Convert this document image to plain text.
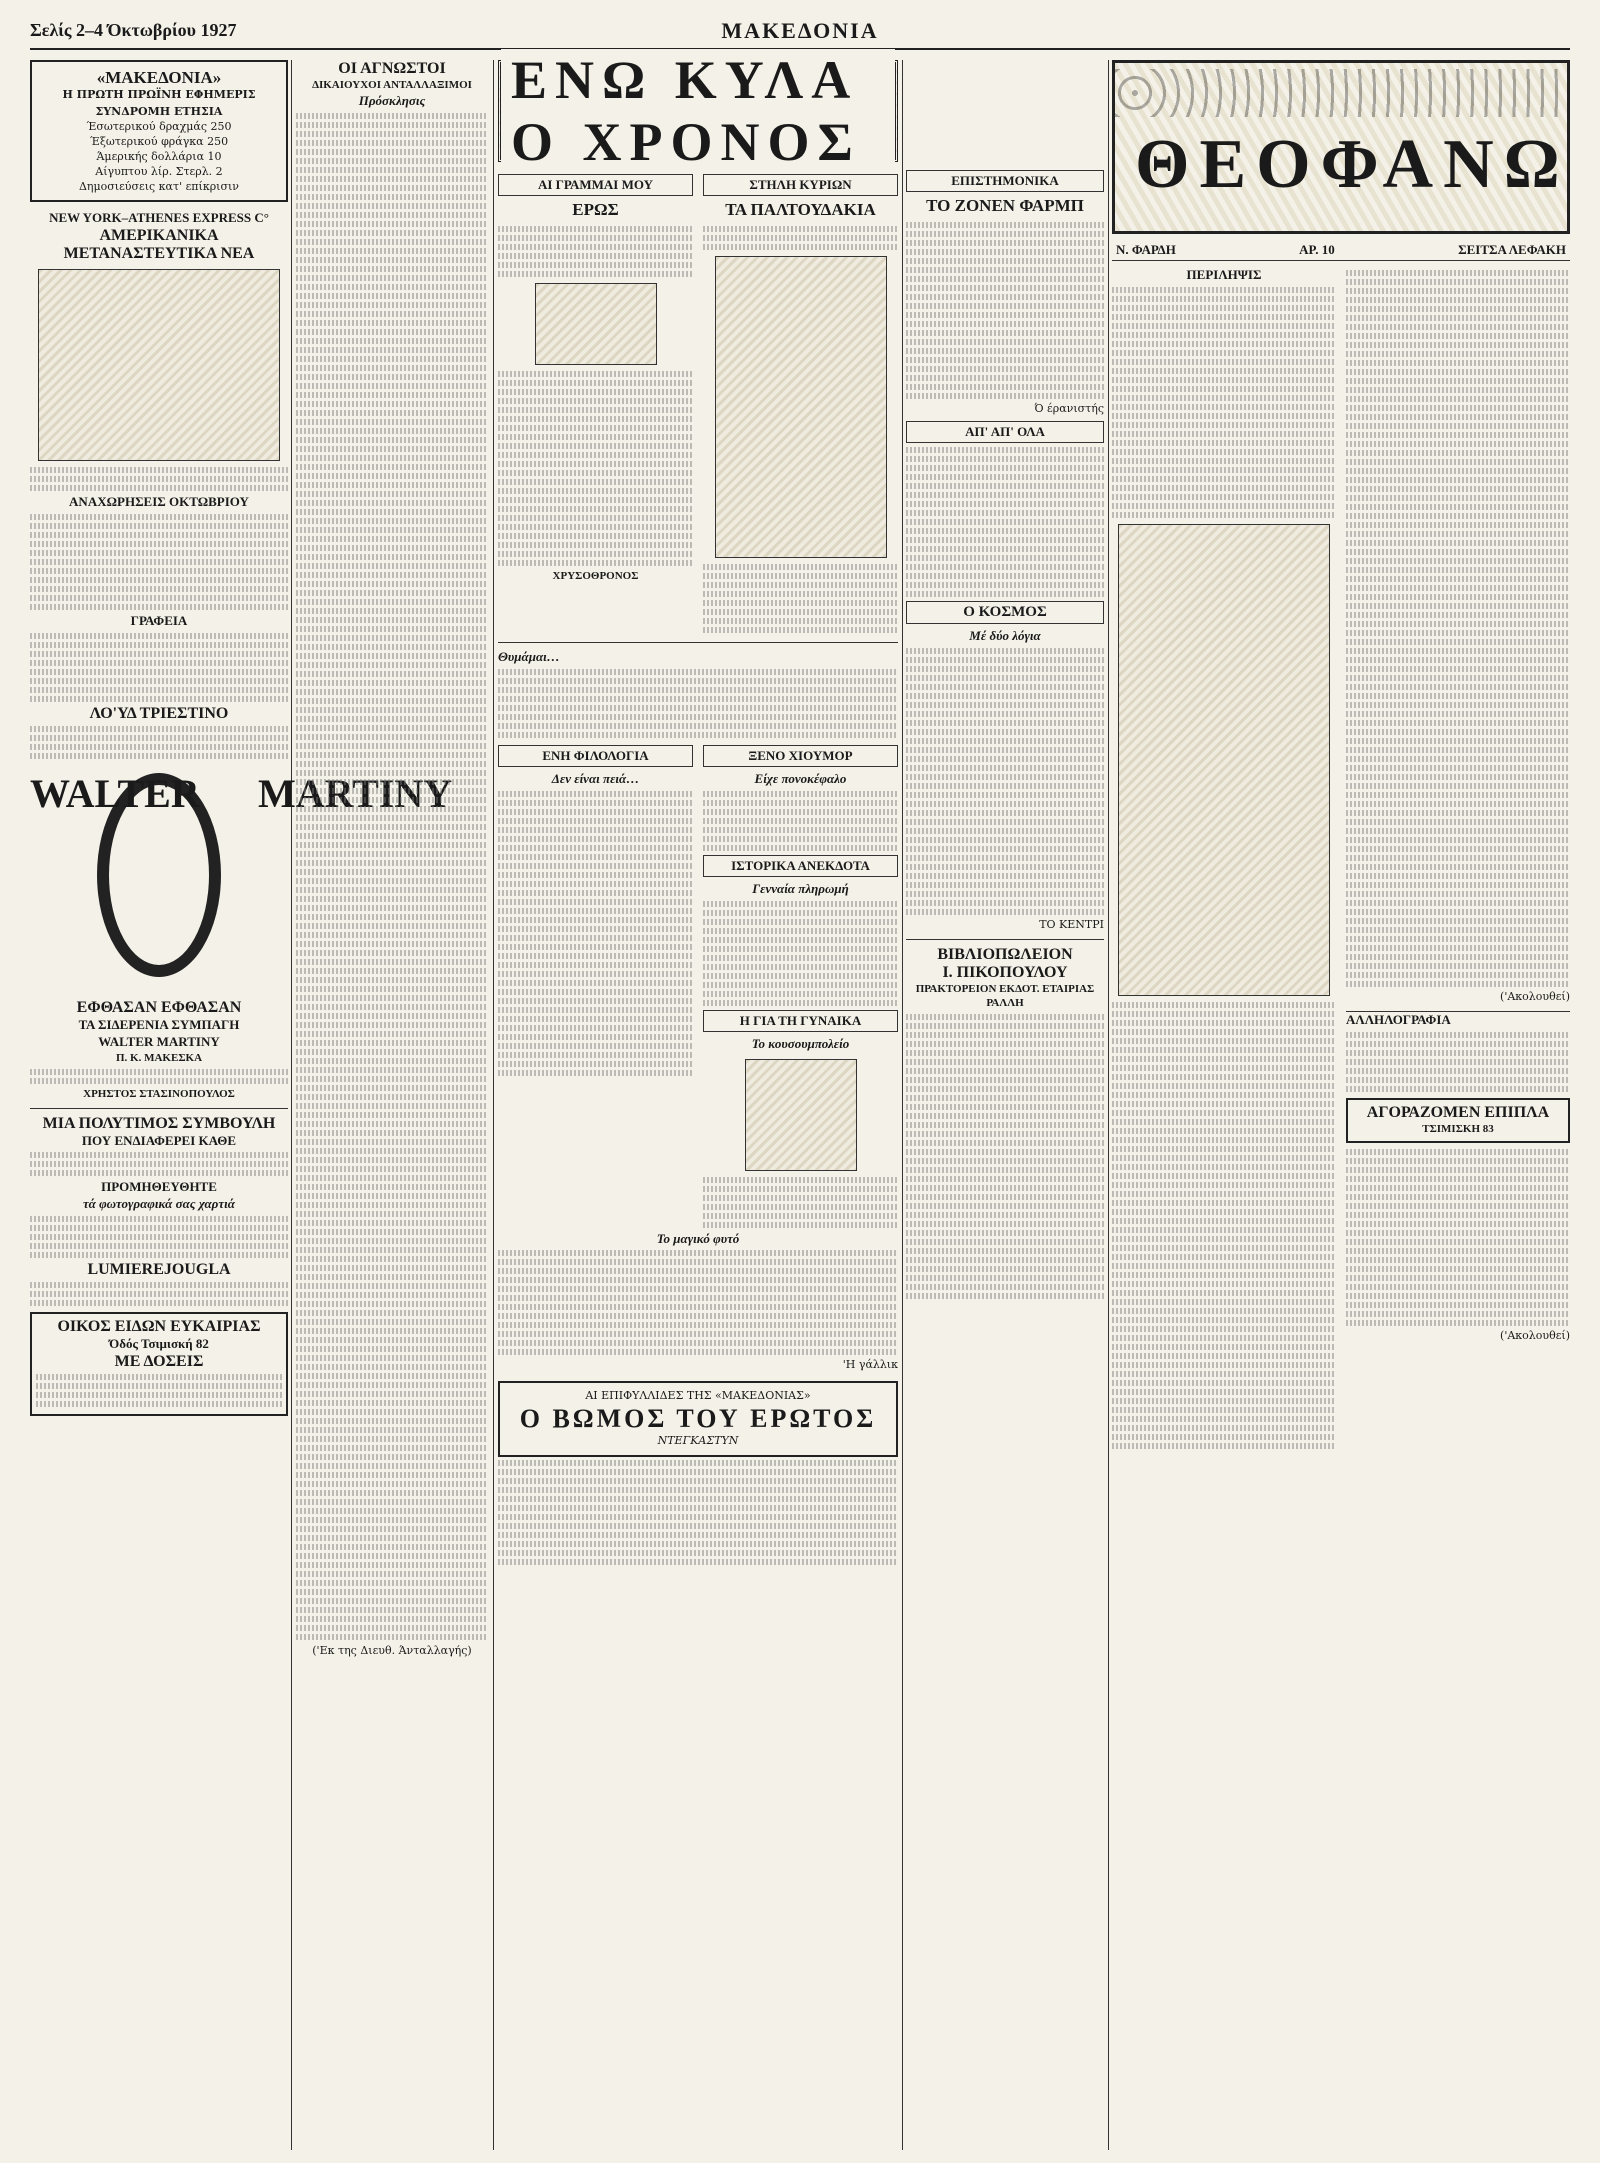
Σελίς 2–4 Όκτωβρίου 1927	ΜΑΚΕΔΟΝΙΑ
«ΜΑΚΕΔΟΝΙΑ»
Η ΠΡΩΤΗ ΠΡΩΪΝΗ ΕΦΗΜΕΡΙΣ
ΣΥΝΔΡΟΜΗ ΕΤΗΣΙΑ
Έσωτερικού δραχμάς 250
Έξωτερικού φράγκα 250
Άμερικής δολλάρια 10
Αίγυπτου λίρ. Στερλ. 2
Δημοσιεύσεις κατ' επίκρισιν
NEW YORK–ATHENES EXPRESS C°
ΑΜΕΡΙΚΑΝΙΚΑ ΜΕΤΑΝΑΣΤΕΥΤΙΚΑ ΝΕΑ
ΑΝΑΧΩΡΗΣΕΙΣ ΟΚΤΩΒΡΙΟΥ
ΓΡΑΦΕΙΑ
ΛΟ'ΥΔ ΤΡΙΕΣΤΙΝΟ
WALTER MARTINY
ΕΦΘΑΣΑΝ ΕΦΘΑΣΑΝ
ΤΑ ΣΙΔΕΡΕΝΙΑ ΣΥΜΠΑΓΗ
WALTER MARTINY
Π. Κ. ΜΑΚΕΣΚΑ
ΧΡΗΣΤΟΣ ΣΤΑΣΙΝΟΠΟΥΛΟΣ
ΜΙΑ ΠΟΛΥΤΙΜΟΣ ΣΥΜΒΟΥΛΗ
ΠΟΥ ΕΝΔΙΑΦΕΡΕΙ ΚΑΘΕ
ΠΡΟΜΗΘΕΥΘΗΤΕ
τά φωτογραφικά σας χαρτιά
LUMIEREJOUGLA
ΟΙΚΟΣ ΕΙΔΩΝ ΕΥΚΑΙΡΙΑΣ
Όδός Τσιμισκή 82
ΜΕ ΔΟΣΕΙΣ
ΟΙ ΑΓΝΩΣΤΟΙ
ΔΙΚΑΙΟΥΧΟΙ ΑΝΤΑΛΛΑΞΙΜΟΙ
Πρόσκλησις
('Εκ της Διευθ. Άνταλλαγής)
ΕΝΩ ΚΥΛΑ Ο ΧΡΟΝΟΣ
ΑΙ ΓΡΑΜΜΑΙ ΜΟΥ
ΕΡΩΣ
ΧΡΥΣΟΘΡΟΝΟΣ
ΣΤΗΛΗ ΚΥΡΙΩΝ
ΤΑ ΠΑΛΤΟΥΔΑΚΙΑ
Θυμάμαι…
ΕΝΗ ΦΙΛΟΛΟΓΙΑ
Δεν είναι πειά…
ΞΕΝΟ ΧΙΟΥΜΟΡ
Είχε πονοκέφαλο
ΙΣΤΟΡΙΚΑ ΑΝΕΚΔΟΤΑ
Γενναία πληρωμή
Η ΓΙΑ ΤΗ ΓΥΝΑΙΚΑ
Το κουσουμπολείο
Το μαγικό φυτό
'Η γάλλικ
ΑΙ ΕΠΙΦΥΛΛΙΔΕΣ ΤΗΣ «ΜΑΚΕΔΟΝΙΑΣ»
Ο ΒΩΜΟΣ ΤΟΥ ΕΡΩΤΟΣ
ΝΤΕΓΚΑΣΤΥΝ
ΕΠΙΣΤΗΜΟΝΙΚΑ
ΤΟ ΖΟΝΕΝ ΦΑΡΜΠ
Ό έρανιστής
ΑΠ' ΑΠ' ΟΛΑ
Ο ΚΟΣΜΟΣ
Μέ δύο λόγια
ΤΟ ΚΕΝΤΡΙ
ΒΙΒΛΙΟΠΩΛΕΙΟΝ
Ι. ΠΙΚΟΠΟΥΛΟΥ
ΠΡΑΚΤΟΡΕΙΟΝ ΕΚΔΟΤ. ΕΤΑΙΡΙΑΣ ΡΑΛΛΗ
ΘΕΟΦΑΝΩ
Ν. ΦΑΡΔΗ	ΑΡ. 10	ΣΕΙΤΣΑ ΛΕΦΑΚΗ
ΠΕΡΙΛΗΨΙΣ
('Ακολουθεί)
ΑΛΛΗΛΟΓΡΑΦΙΑ
ΑΓΟΡΑΖΟΜΕΝ ΕΠΙΠΛΑ
ΤΣΙΜΙΣΚΗ 83
('Ακολουθεί)
